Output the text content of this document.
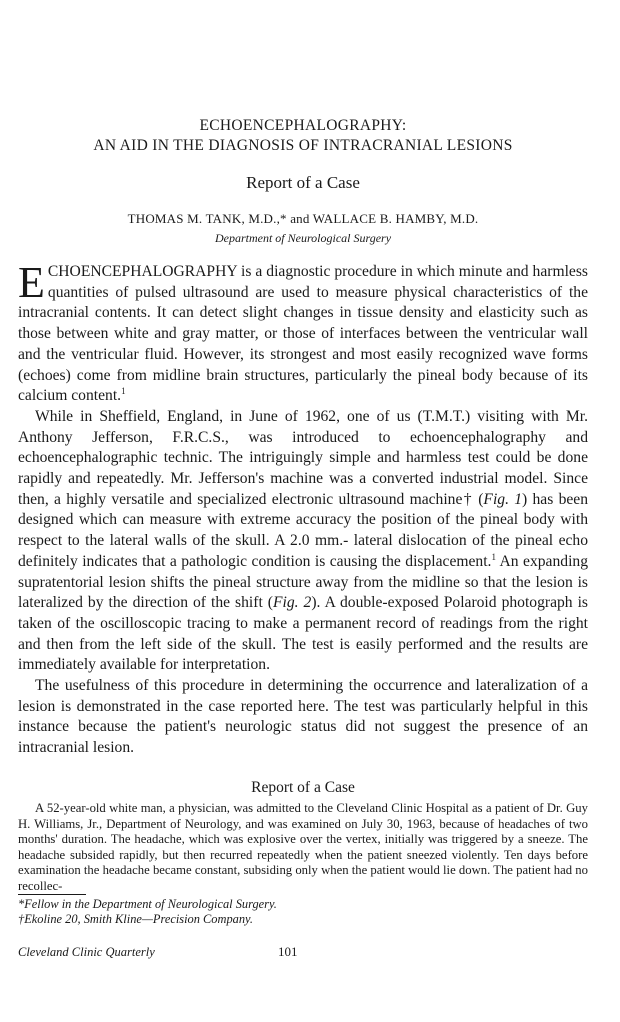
ECHOENCEPHALOGRAPHY:
AN AID IN THE DIAGNOSIS OF INTRACRANIAL LESIONS
Report of a Case
THOMAS M. TANK, M.D.,* and WALLACE B. HAMBY, M.D.
Department of Neurological Surgery

ECHOENCEPHALOGRAPHY is a diagnostic procedure in which minute and harmless quantities of pulsed ultrasound are used to measure physical characteristics of the intracranial contents. It can detect slight changes in tissue density and elasticity such as those between white and gray matter, or those of interfaces between the ventricular wall and the ventricular fluid. However, its strongest and most easily recognized wave forms (echoes) come from midline brain structures, particularly the pineal body because of its calcium content.$^1$

While in Sheffield, England, in June of 1962, one of us (T.M.T.) visiting with Mr. Anthony Jefferson, F.R.C.S., was introduced to echoencephalography and echoencephalographic technic. The intriguingly simple and harmless test could be done rapidly and repeatedly. Mr. Jefferson's machine was a converted industrial model. Since then, a highly versatile and specialized electronic ultrasound machine† (Fig. 1) has been designed which can measure with extreme accuracy the position of the pineal body with respect to the lateral walls of the skull. A 2.0 mm.- lateral dislocation of the pineal echo definitely indicates that a pathologic condition is causing the displacement.$^1$ An expanding supratentorial lesion shifts the pineal structure away from the midline so that the lesion is lateralized by the direction of the shift (Fig. 2). A double-exposed Polaroid photograph is taken of the oscilloscopic tracing to make a permanent record of readings from the right and then from the left side of the skull. The test is easily performed and the results are immediately available for interpretation.

The usefulness of this procedure in determining the occurrence and lateralization of a lesion is demonstrated in the case reported here. The test was particularly helpful in this instance because the patient's neurologic status did not suggest the presence of an intracranial lesion.

Report of a Case

A 52-year-old white man, a physician, was admitted to the Cleveland Clinic Hospital as a patient of Dr. Guy H. Williams, Jr., Department of Neurology, and was examined on July 30, 1963, because of headaches of two months' duration. The headache, which was explosive over the vertex, initially was triggered by a sneeze. The headache subsided rapidly, but then recurred repeatedly when the patient sneezed violently. Ten days before examination the headache became constant, subsiding only when the patient would lie down. The patient had no recollec-

*Fellow in the Department of Neurological Surgery.
†Ekoline 20, Smith Kline—Precision Company.
Cleveland Clinic Quarterly	101
